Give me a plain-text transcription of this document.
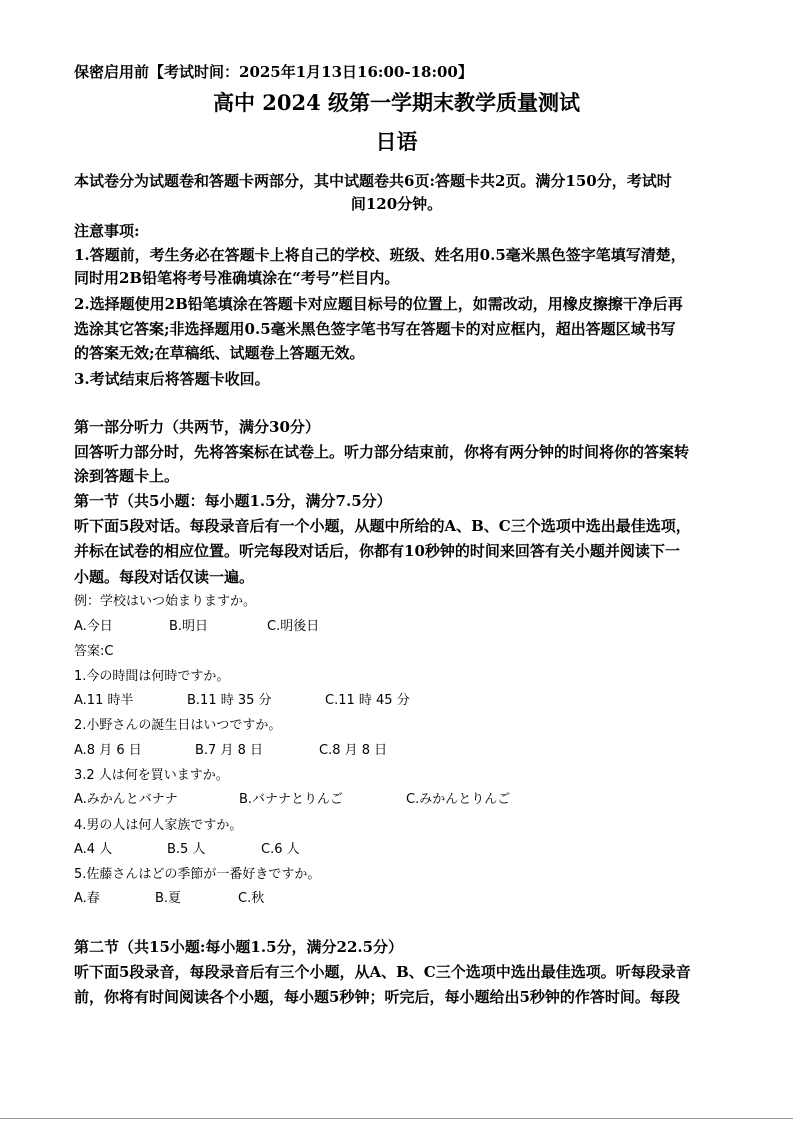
保密启用前【考试时间：2025年1月13日16:00-18:00】
高中 2024 级第一学期末教学质量测试
日语
本试卷分为试题卷和答题卡两部分，其中试题卷共6页:答题卡共2页。满分150分，考试时
间120分钟。
注意事项:
1.答题前，考生务必在答题卡上将自己的学校、班级、姓名用0.5毫米黑色签字笔填写清楚，
同时用2B铅笔将考号准确填涂在“考号”栏目内。
2.选择题使用2B铅笔填涂在答题卡对应题目标号的位置上，如需改动，用橡皮擦擦干净后再
选涂其它答案;非选择题用0.5毫米黑色签字笔书写在答题卡的对应框内，超出答题区域书写
的答案无效;在草稿纸、试题卷上答题无效。
3.考试结束后将答题卡收回。
第一部分听力（共两节，满分30分）
回答听力部分时，先将答案标在试卷上。听力部分结束前，你将有两分钟的时间将你的答案转
涂到答题卡上。
第一节（共5小题：每小题1.5分，满分7.5分）
听下面5段对话。每段录音后有一个小题，从题中所给的A、B、C三个选项中选出最佳选项，
并标在试卷的相应位置。听完每段对话后，你都有10秒钟的时间来回答有关小题并阅读下一
小题。每段对话仅读一遍。
例：学校はいつ始まりますか。
A.今日	B.明日	C.明後日
答案:C
1.今の時間は何時ですか。
A.11 時半	B.11 時 35 分	C.11 時 45 分
2.小野さんの誕生日はいつですか。
A.8 月 6 日	B.7 月 8 日	C.8 月 8 日
3.2 人は何を買いますか。
A.みかんとバナナ	B.バナナとりんご	C.みかんとりんご
4.男の人は何人家族ですか。
A.4 人	B.5 人	C.6 人
5.佐藤さんはどの季節が一番好きですか。
A.春	B.夏	C.秋
第二节（共15小题:每小题1.5分，满分22.5分）
听下面5段录音，每段录音后有三个小题，从A、B、C三个选项中选出最佳选项。听每段录音
前，你将有时间阅读各个小题，每小题5秒钟；听完后，每小题给出5秒钟的作答时间。每段
